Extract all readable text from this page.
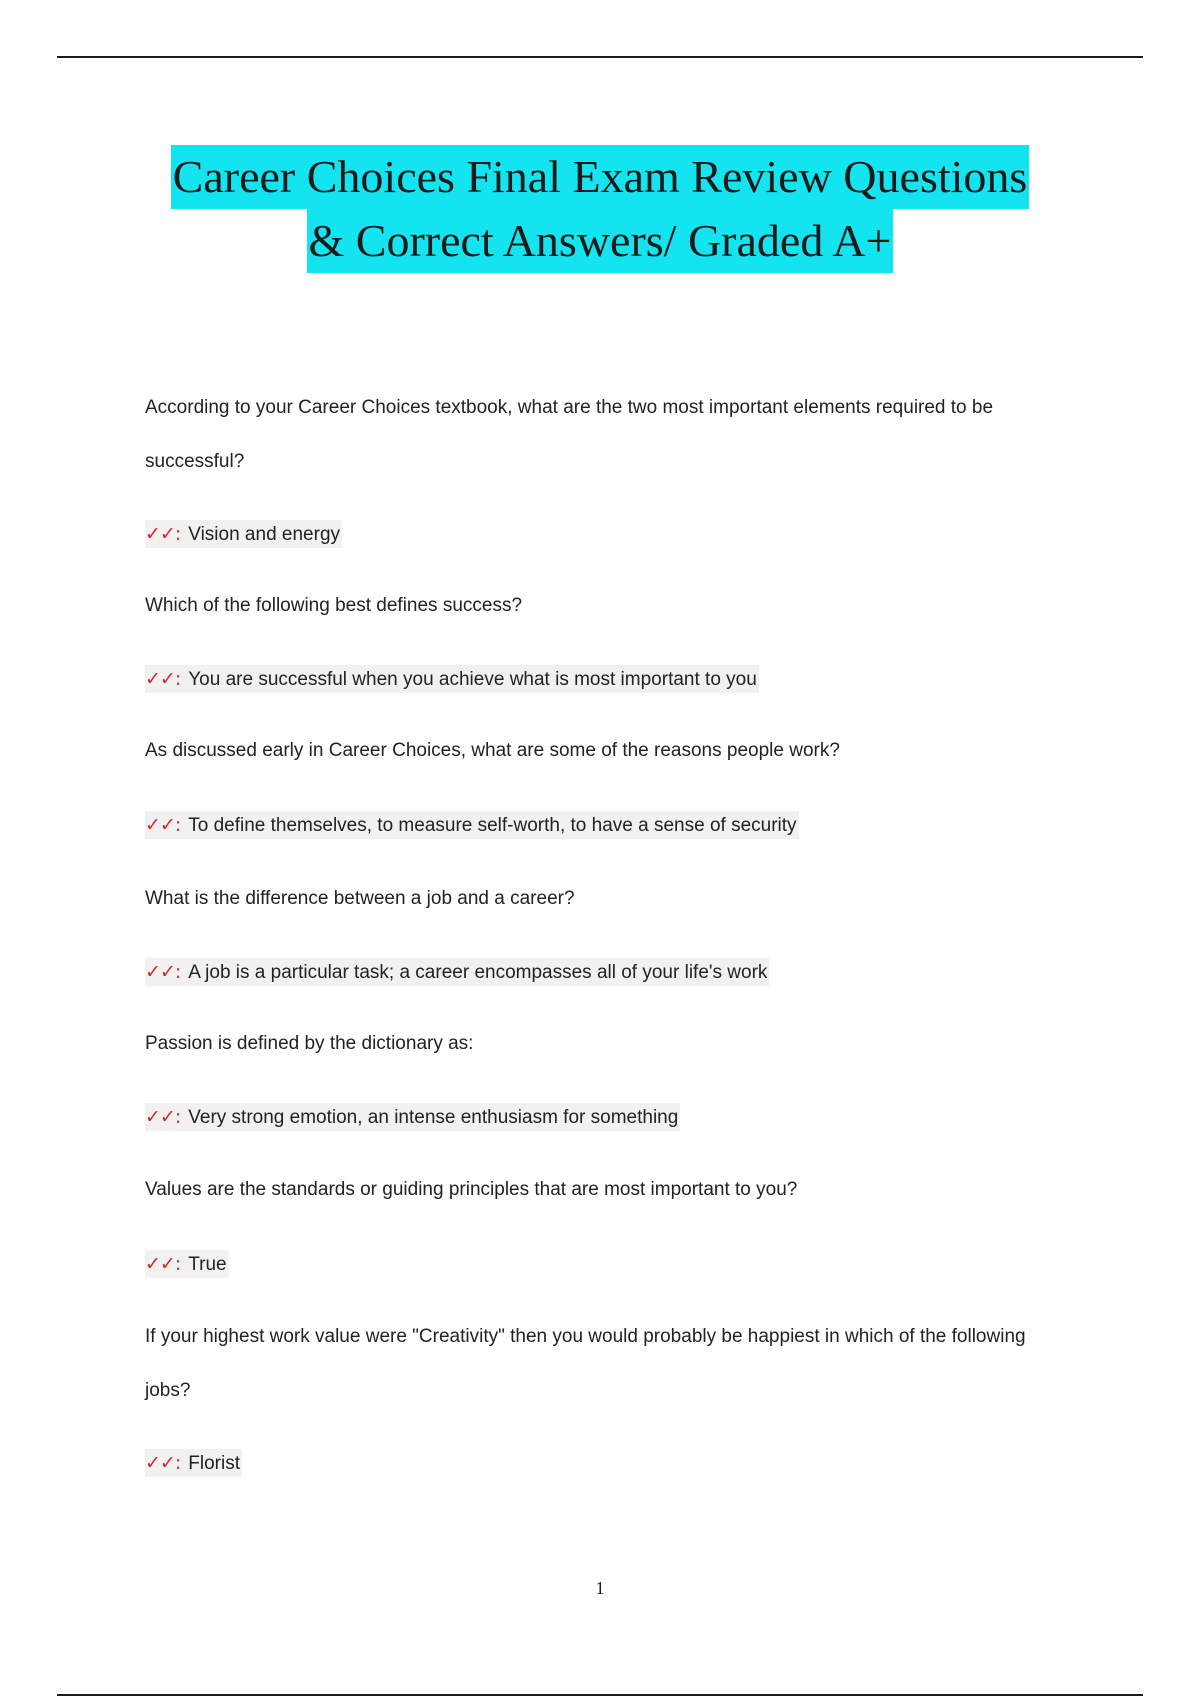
Career Choices Final Exam Review Questions
& Correct Answers/ Graded A+
According to your Career Choices textbook, what are the two most important elements required to be successful?
✓✓: Vision and energy
Which of the following best defines success?
✓✓: You are successful when you achieve what is most important to you
As discussed early in Career Choices, what are some of the reasons people work?
✓✓: To define themselves, to measure self-worth, to have a sense of security
What is the difference between a job and a career?
✓✓: A job is a particular task; a career encompasses all of your life's work
Passion is defined by the dictionary as:
✓✓: Very strong emotion, an intense enthusiasm for something
Values are the standards or guiding principles that are most important to you?
✓✓: True
If your highest work value were "Creativity" then you would probably be happiest in which of the following jobs?
✓✓: Florist
1
